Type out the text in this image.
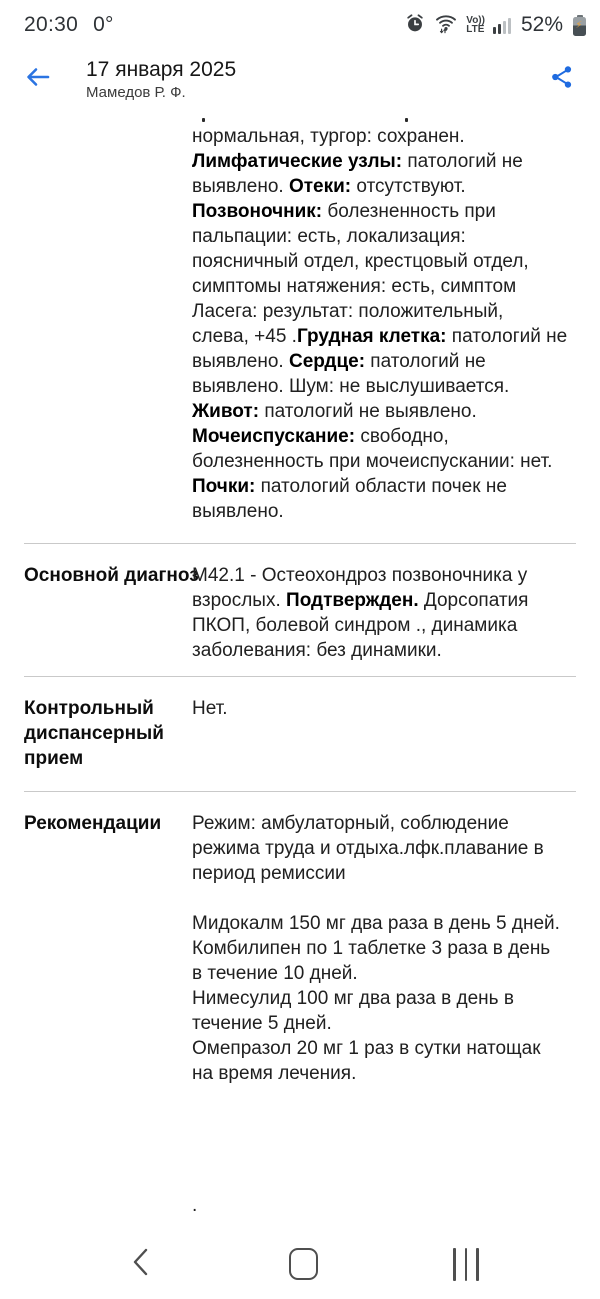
20:30 0°	Vo))
LTE 52% ⚡
17 января 2025
Мамедов Р. Ф.
нормальная, тургор: сохранен.
Лимфатические узлы: патологий не
выявлено. Отеки: отсутствуют.
Позвоночник: болезненность при
пальпации: есть, локализация:
поясничный отдел, крестцовый отдел,
симптомы натяжения: есть, симптом
Ласега: результат: положительный,
слева, +45 .Грудная клетка: патологий не
выявлено. Сердце: патологий не
выявлено. Шум: не выслушивается.
Живот: патологий не выявлено.
Мочеиспускание: свободно,
болезненность при мочеиспускании: нет.
Почки: патологий области почек не
выявлено.
Основной диагноз
М42.1 - Остеохондроз позвоночника у
взрослых. Подтвержден. Дорсопатия
ПКОП, болевой синдром ., динамика
заболевания: без динамики.
Контрольный
диспансерный
прием
Нет.
Рекомендации	Режим: амбулаторный, соблюдение
режима труда и отдыха.лфк.плавание в
период ремиссии
Мидокалм 150 мг два раза в день 5 дней.
Комбилипен по 1 таблетке 3 раза в день
в течение 10 дней.
Нимесулид 100 мг два раза в день в
течение 5 дней.
Омепразол 20 мг 1 раз в сутки натощак
на время лечения.
.
